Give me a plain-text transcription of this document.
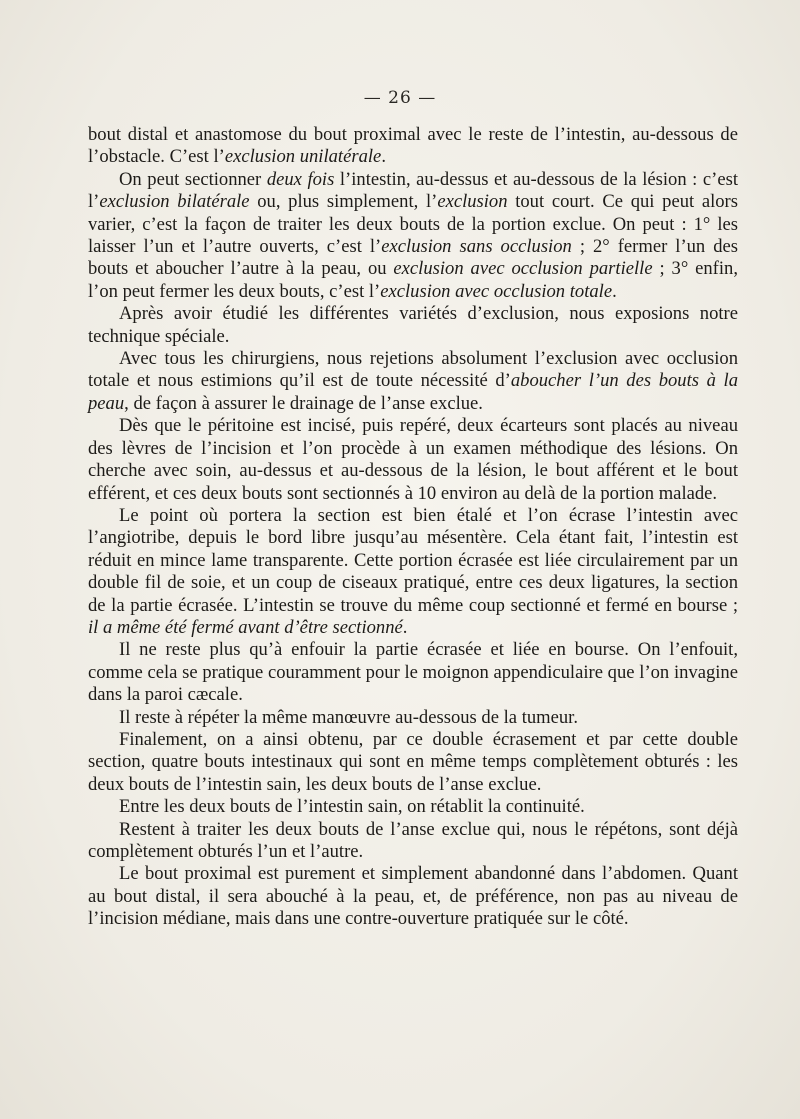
— 26 —

bout distal et anastomose du bout proximal avec le reste de l’intestin, au-dessous de l’obstacle. C’est l’exclusion unilatérale.

On peut sectionner deux fois l’intestin, au-dessus et au-dessous de la lésion : c’est l’exclusion bilatérale ou, plus simplement, l’exclusion tout court. Ce qui peut alors varier, c’est la façon de traiter les deux bouts de la portion exclue. On peut : 1° les laisser l’un et l’autre ouverts, c’est l’exclusion sans occlusion ; 2° fermer l’un des bouts et aboucher l’autre à la peau, ou exclusion avec occlusion partielle ; 3° enfin, l’on peut fermer les deux bouts, c’est l’exclusion avec occlusion totale.

Après avoir étudié les différentes variétés d’exclusion, nous exposions notre technique spéciale.

Avec tous les chirurgiens, nous rejetions absolument l’exclusion avec occlusion totale et nous estimions qu’il est de toute nécessité d’aboucher l’un des bouts à la peau, de façon à assurer le drainage de l’anse exclue.

Dès que le péritoine est incisé, puis repéré, deux écarteurs sont placés au niveau des lèvres de l’incision et l’on procède à un examen méthodique des lésions. On cherche avec soin, au-dessus et au-dessous de la lésion, le bout afférent et le bout efférent, et ces deux bouts sont sectionnés à 10 environ au delà de la portion malade.

Le point où portera la section est bien étalé et l’on écrase l’intestin avec l’angiotribe, depuis le bord libre jusqu’au mésentère. Cela étant fait, l’intestin est réduit en mince lame transparente. Cette portion écrasée est liée circulairement par un double fil de soie, et un coup de ciseaux pratiqué, entre ces deux ligatures, la section de la partie écrasée. L’intestin se trouve du même coup sectionné et fermé en bourse ; il a même été fermé avant d’être sectionné.

Il ne reste plus qu’à enfouir la partie écrasée et liée en bourse. On l’enfouit, comme cela se pratique couramment pour le moignon appendiculaire que l’on invagine dans la paroi cæcale.

Il reste à répéter la même manœuvre au-dessous de la tumeur.

Finalement, on a ainsi obtenu, par ce double écrasement et par cette double section, quatre bouts intestinaux qui sont en même temps complètement obturés : les deux bouts de l’intestin sain, les deux bouts de l’anse exclue.

Entre les deux bouts de l’intestin sain, on rétablit la continuité.

Restent à traiter les deux bouts de l’anse exclue qui, nous le répétons, sont déjà complètement obturés l’un et l’autre.

Le bout proximal est purement et simplement abandonné dans l’abdomen. Quant au bout distal, il sera abouché à la peau, et, de préférence, non pas au niveau de l’incision médiane, mais dans une contre-ouverture pratiquée sur le côté.
